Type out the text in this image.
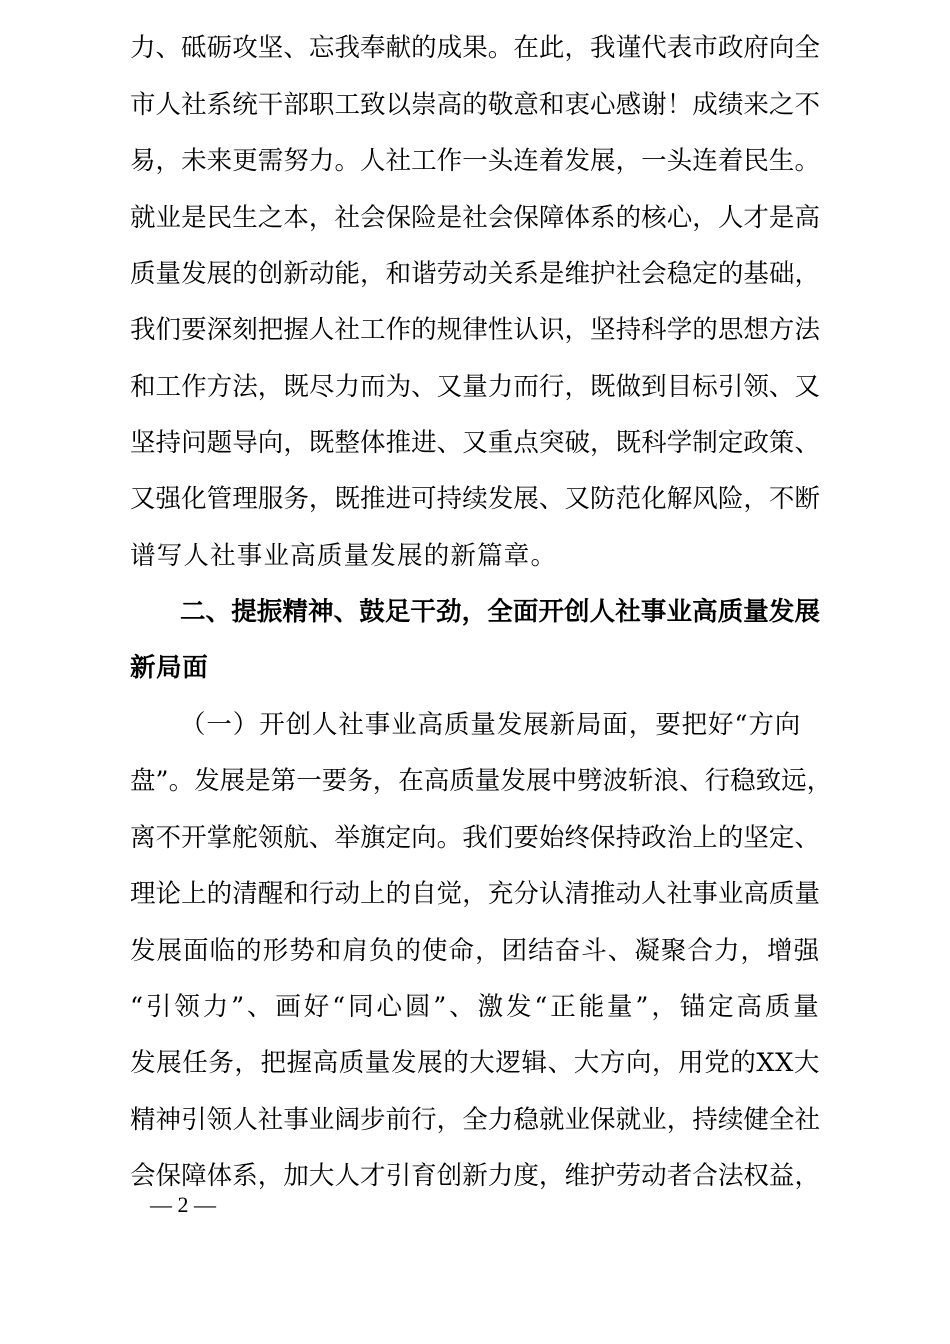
力、砥砺攻坚、忘我奉献的成果。在此，我谨代表市政府向全
市人社系统干部职工致以崇高的敬意和衷心感谢！成绩来之不
易，未来更需努力。人社工作一头连着发展，一头连着民生。
就业是民生之本，社会保险是社会保障体系的核心，人才是高
质量发展的创新动能，和谐劳动关系是维护社会稳定的基础，
我们要深刻把握人社工作的规律性认识，坚持科学的思想方法
和工作方法，既尽力而为、又量力而行，既做到目标引领、又
坚持问题导向，既整体推进、又重点突破，既科学制定政策、
又强化管理服务，既推进可持续发展、又防范化解风险，不断
谱写人社事业高质量发展的新篇章。
二、提振精神、鼓足干劲，全面开创人社事业高质量发展
新局面
（一）开创人社事业高质量发展新局面，要把好“方向
盘”。发展是第一要务，在高质量发展中劈波斩浪、行稳致远，
离不开掌舵领航、举旗定向。我们要始终保持政治上的坚定、
理论上的清醒和行动上的自觉，充分认清推动人社事业高质量
发展面临的形势和肩负的使命，团结奋斗、凝聚合力，增强
“引领力”、画好“同心圆”、激发“正能量”，锚定高质量
发展任务，把握高质量发展的大逻辑、大方向，用党的XX大
精神引领人社事业阔步前行，全力稳就业保就业，持续健全社
会保障体系，加大人才引育创新力度，维护劳动者合法权益，
— 2 —
